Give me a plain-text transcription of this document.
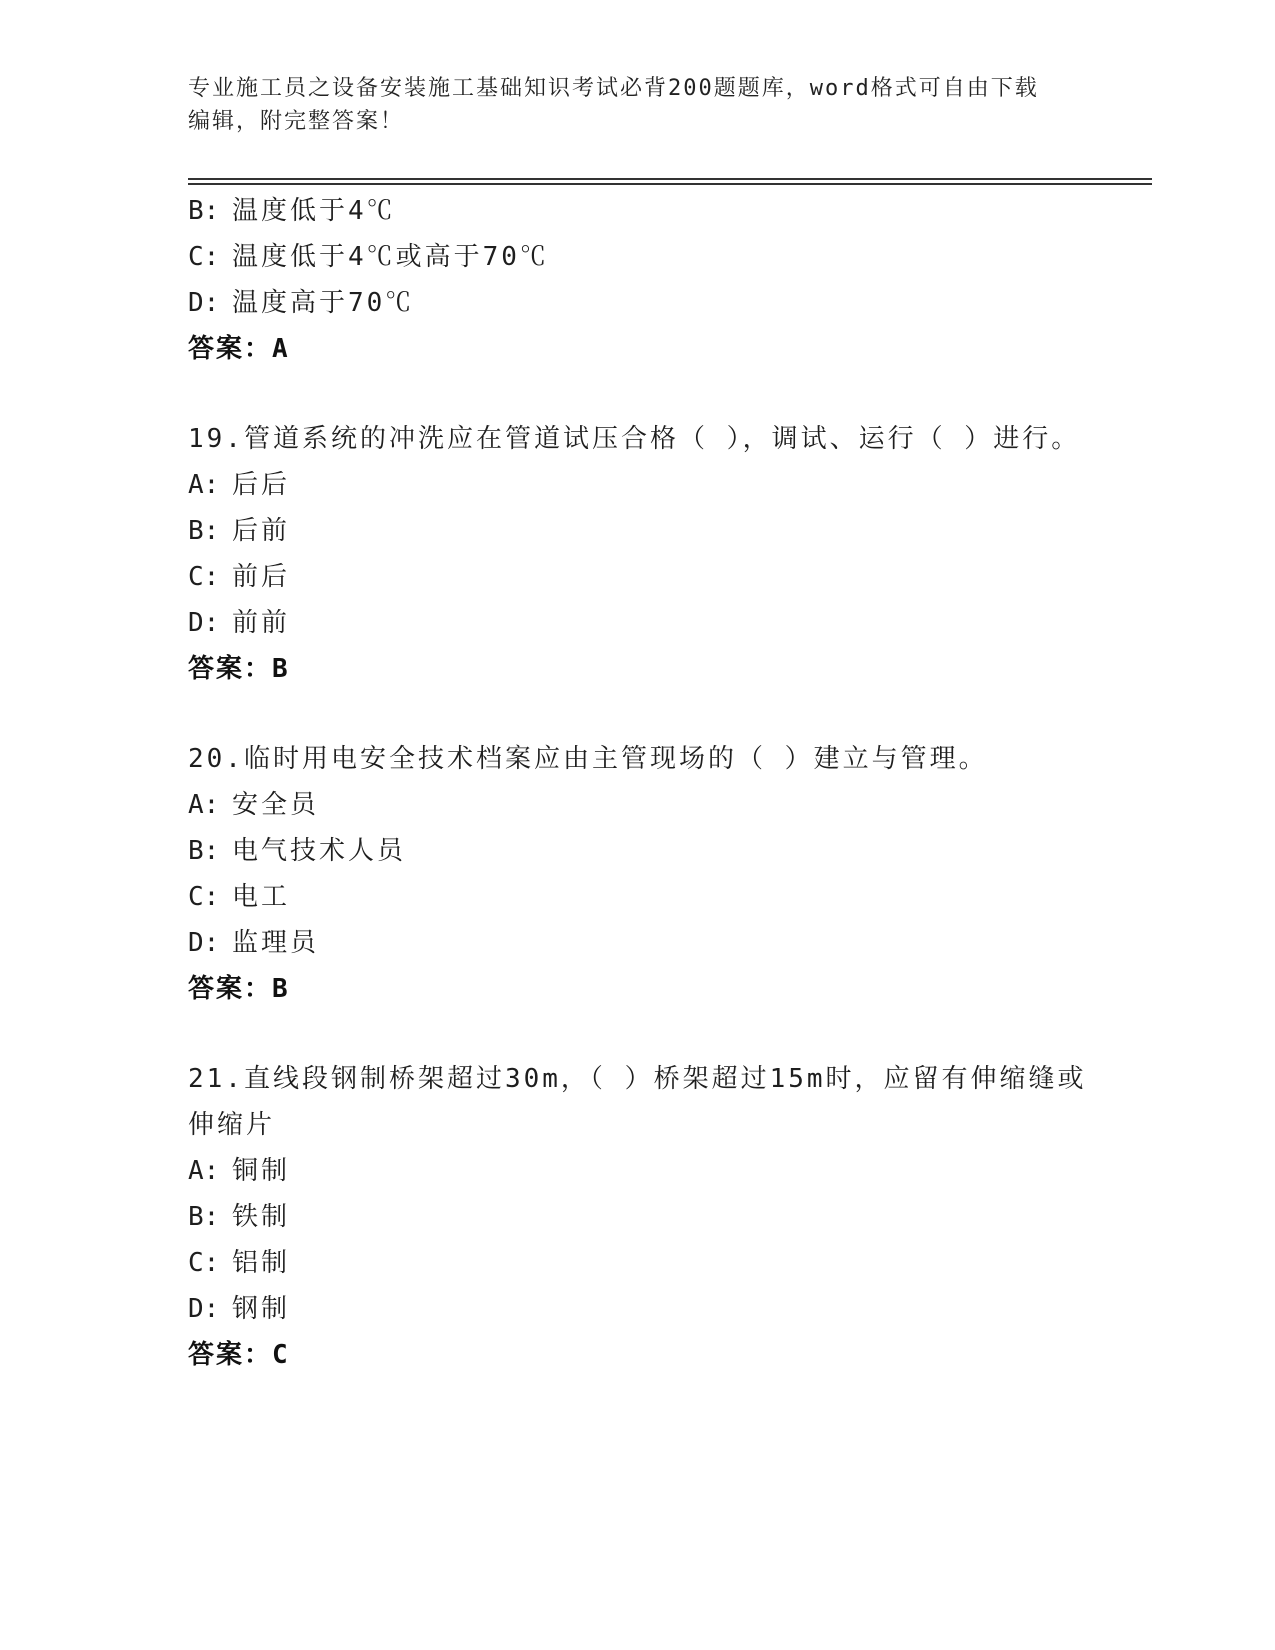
专业施工员之设备安装施工基础知识考试必背200题题库，word格式可自由下载
编辑，附完整答案！
B: 温度低于4℃
C: 温度低于4℃或高于70℃
D: 温度高于70℃
答案：A
19.管道系统的冲洗应在管道试压合格（ ），调试、运行（ ）进行。
A: 后后
B: 后前
C: 前后
D: 前前
答案：B
20.临时用电安全技术档案应由主管现场的（ ）建立与管理。
A: 安全员
B: 电气技术人员
C: 电工
D: 监理员
答案：B
21.直线段钢制桥架超过30m，（ ）桥架超过15m时，应留有伸缩缝或
伸缩片
A: 铜制
B: 铁制
C: 铝制
D: 钢制
答案：C
